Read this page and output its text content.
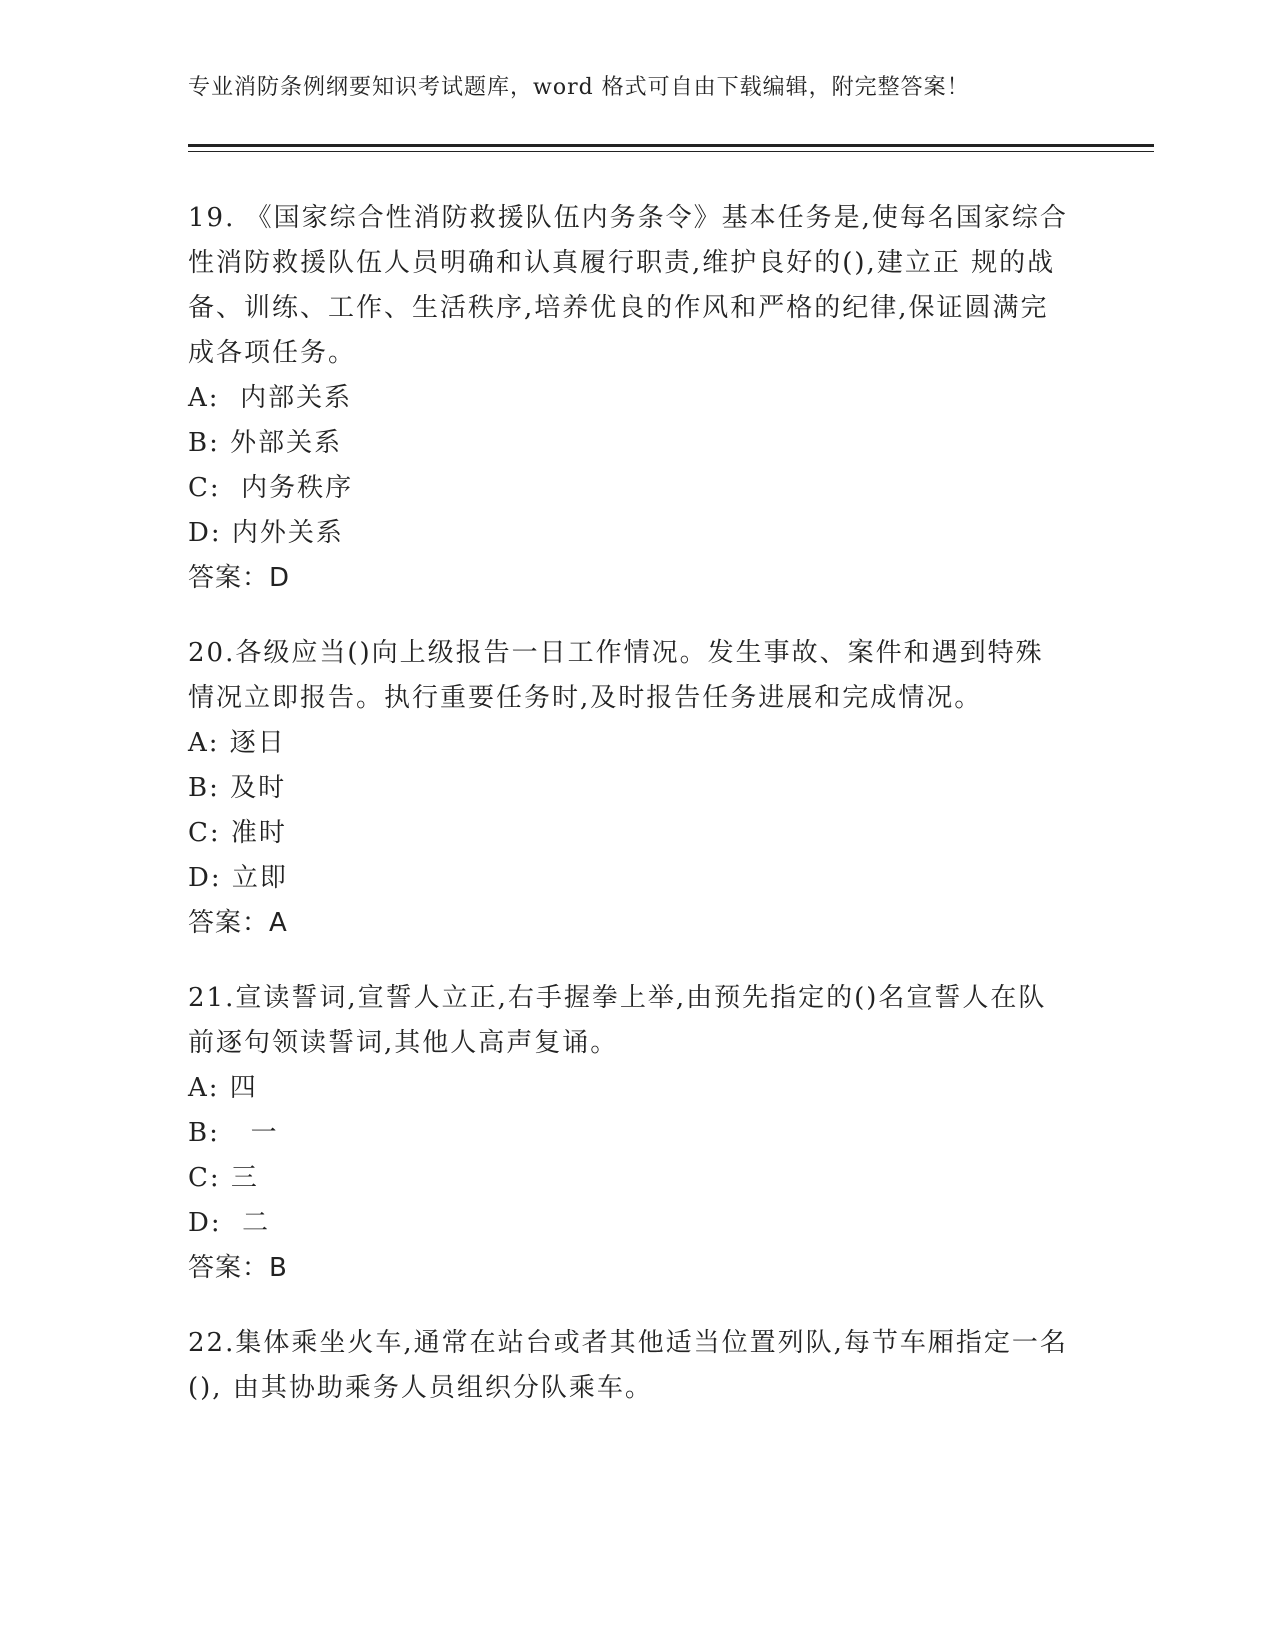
专业消防条例纲要知识考试题库，word 格式可自由下载编辑，附完整答案！

19. 《国家综合性消防救援队伍内务条令》基本任务是,使每名国家综合性消防救援队伍人员明确和认真履行职责,维护良好的(),建立正 规的战备、训练、工作、生活秩序,培养优良的作风和严格的纪律,保证圆满完成各项任务。

A:  内部关系
B: 外部关系
C:  内务秩序
D: 内外关系
答案：D

20.各级应当()向上级报告一日工作情况。发生事故、案件和遇到特殊情况立即报告。执行重要任务时,及时报告任务进展和完成情况。

A: 逐日
B: 及时
C: 准时
D: 立即
答案：A

21.宣读誓词,宣誓人立正,右手握拳上举,由预先指定的()名宣誓人在队前逐句领读誓词,其他人高声复诵。

A: 四
B:   一
C: 三
D:  二
答案：B

22.集体乘坐火车,通常在站台或者其他适当位置列队,每节车厢指定一名(), 由其协助乘务人员组织分队乘车。
